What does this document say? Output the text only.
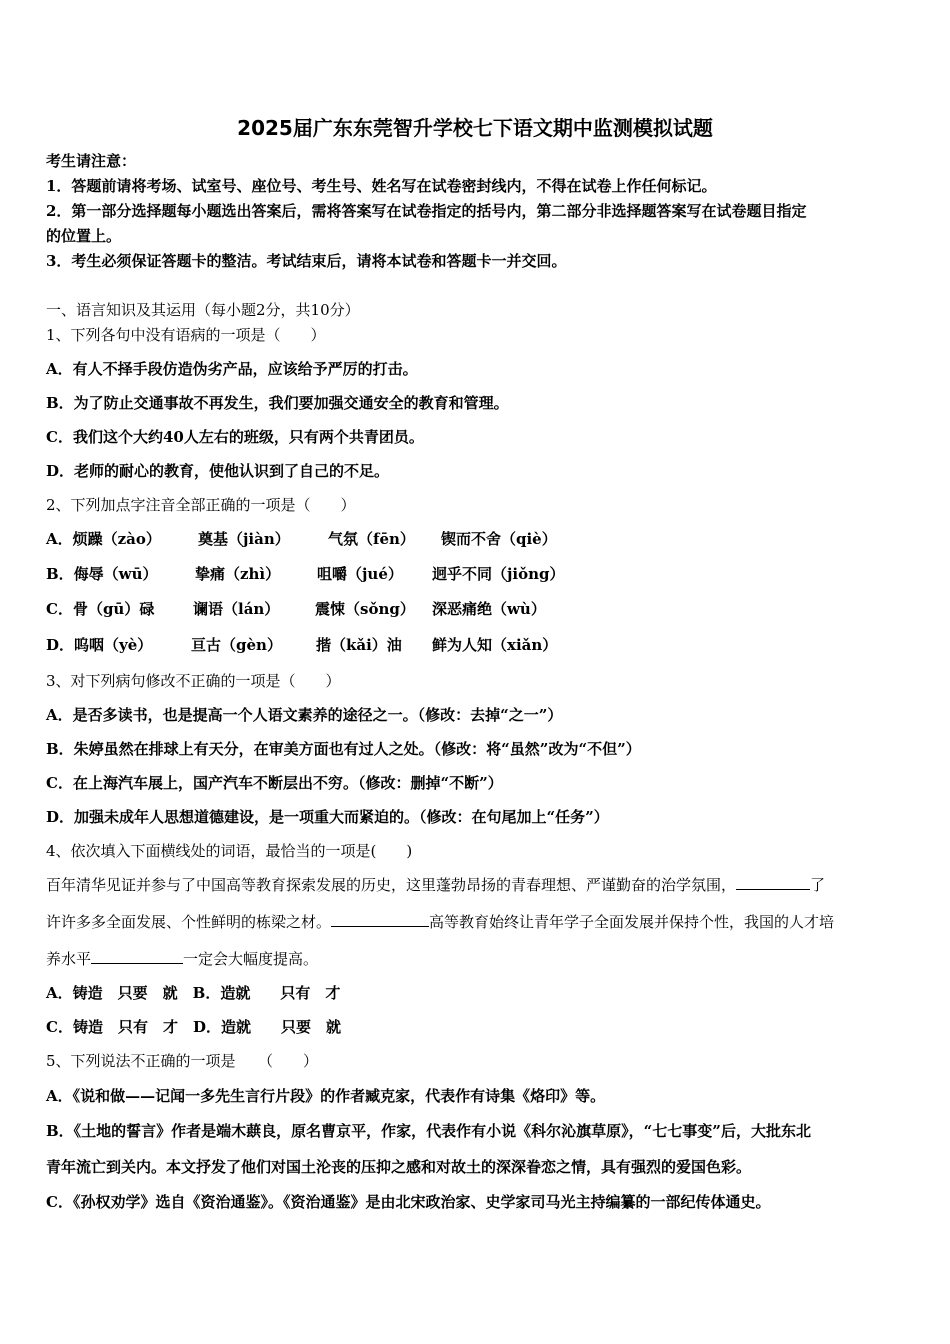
2025届广东东莞智升学校七下语文期中监测模拟试题
考生请注意：
1．答题前请将考场、试室号、座位号、考生号、姓名写在试卷密封线内，不得在试卷上作任何标记。
2．第一部分选择题每小题选出答案后，需将答案写在试卷指定的括号内，第二部分非选择题答案写在试卷题目指定
的位置上。
3．考生必须保证答题卡的整洁。考试结束后，请将本试卷和答题卡一并交回。
一、语言知识及其运用（每小题2分，共10分）
1、下列各句中没有语病的一项是（　　）
A．有人不择手段仿造伪劣产品，应该给予严厉的打击。
B．为了防止交通事故不再发生，我们要加强交通安全的教育和管理。
C．我们这个大约40人左右的班级，只有两个共青团员。
D．老师的耐心的教育，使他认识到了自己的不足。
2、下列加点字注音全部正确的一项是（　　）
A．烦躁（zào） 奠基（jiàn）	气氛（fēn） 锲而不舍（qiè）
B．侮辱（wū）	挚痛（zhì） 咀嚼（jué） 迥乎不同（jiǒng）
C．骨（gū）碌	谰语（lán） 震悚（sǒng） 深恶痛绝（wù）
D．呜咽（yè）	亘古（gèn） 揩（kǎi）油 鲜为人知（xiǎn）
3、对下列病句修改不正确的一项是（　　）
A．是否多读书，也是提高一个人语文素养的途径之一。（修改：去掉“之一”）
B．朱婷虽然在排球上有天分，在审美方面也有过人之处。（修改：将“虽然”改为“不但”）
C．在上海汽车展上，国产汽车不断层出不穷。（修改：删掉“不断”）
D．加强未成年人思想道德建设，是一项重大而紧迫的。（修改：在句尾加上“任务”）
4、依次填入下面横线处的词语，最恰当的一项是(　　)
百年清华见证并参与了中国高等教育探索发展的历史，这里蓬勃昂扬的青春理想、严谨勤奋的治学氛围，	了
许许多多全面发展、个性鲜明的栋梁之材。	高等教育始终让青年学子全面发展并保持个性，我国的人才培
养水平	一定会大幅度提高。
A．铸造　只要　就　B．造就　　只有　才
C．铸造　只有　才　D．造就　　只要　就
5、下列说法不正确的一项是　　（　　）
A．《说和做——记闻一多先生言行片段》的作者臧克家，代表作有诗集《烙印》等。
B．《土地的誓言》作者是端木蕻良，原名曹京平，作家，代表作有小说《科尔沁旗草原》，“七七事变”后，大批东北
青年流亡到关内。本文抒发了他们对国土沦丧的压抑之感和对故土的深深眷恋之情，具有强烈的爱国色彩。
C．《孙权劝学》选自《资治通鉴》。《资治通鉴》是由北宋政治家、史学家司马光主持编纂的一部纪传体通史。
